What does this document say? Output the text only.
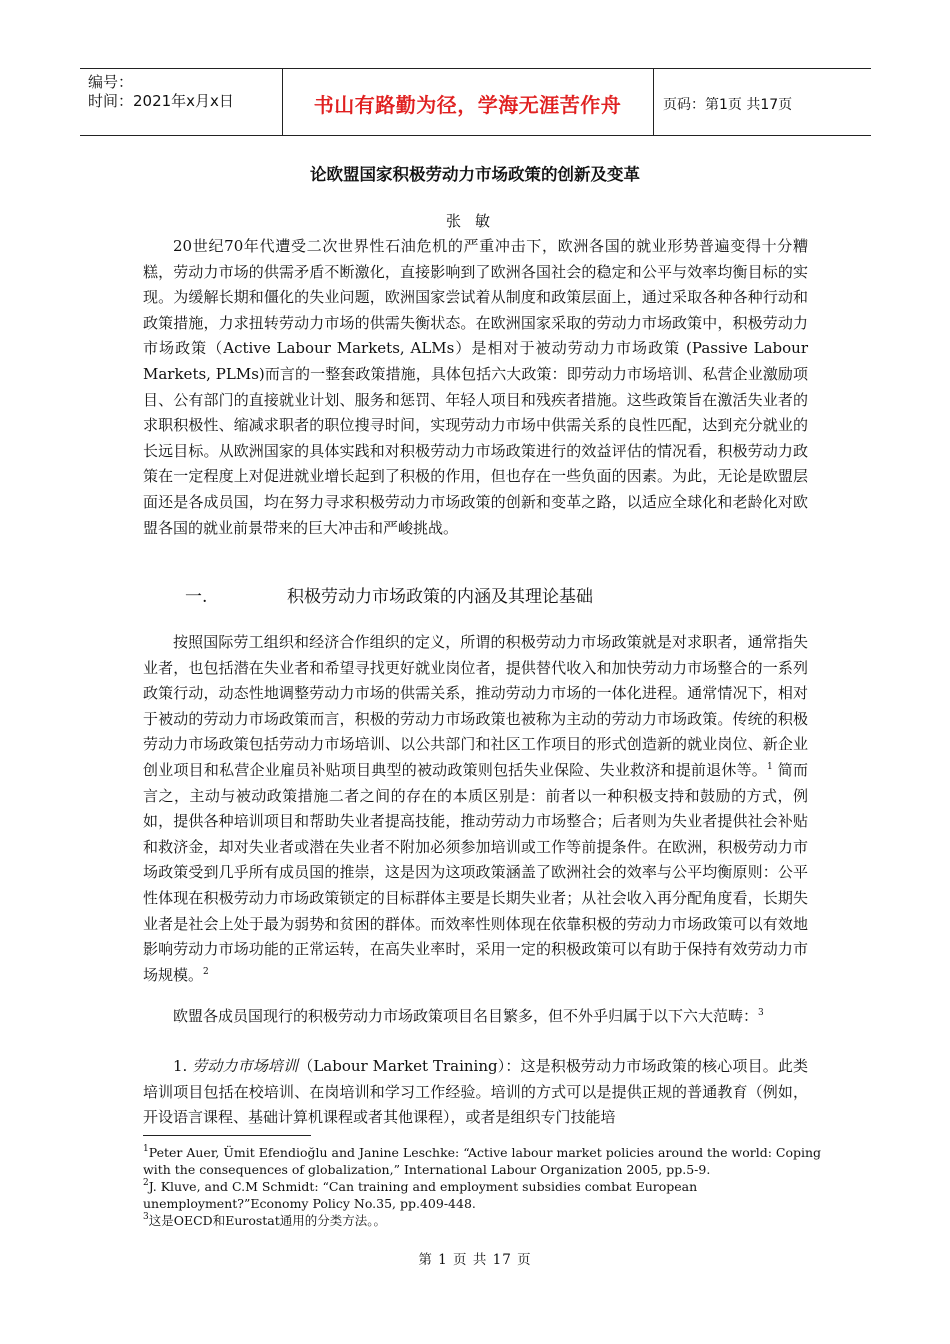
编号：
时间：2021年x月x日	书山有路勤为径，学海无涯苦作舟	页码：第1页 共17页
论欧盟国家积极劳动力市场政策的创新及变革
张敏

20世纪70年代遭受二次世界性石油危机的严重冲击下，欧洲各国的就业形势普遍变得十分糟糕，劳动力市场的供需矛盾不断激化，直接影响到了欧洲各国社会的稳定和公平与效率均衡目标的实现。为缓解长期和僵化的失业问题，欧洲国家尝试着从制度和政策层面上，通过采取各种各种行动和政策措施，力求扭转劳动力市场的供需失衡状态。在欧洲国家采取的劳动力市场政策中，积极劳动力市场政策（Active Labour Markets, ALMs）是相对于被动劳动力市场政策 (Passive Labour Markets, PLMs)而言的一整套政策措施，具体包括六大政策：即劳动力市场培训、私营企业激励项目、公有部门的直接就业计划、服务和惩罚、年轻人项目和残疾者措施。这些政策旨在激活失业者的求职积极性、缩减求职者的职位搜寻时间，实现劳动力市场中供需关系的良性匹配，达到充分就业的长远目标。从欧洲国家的具体实践和对积极劳动力市场政策进行的效益评估的情况看，积极劳动力政策在一定程度上对促进就业增长起到了积极的作用，但也存在一些负面的因素。为此，无论是欧盟层面还是各成员国，均在努力寻求积极劳动力市场政策的创新和变革之路，以适应全球化和老龄化对欧盟各国的就业前景带来的巨大冲击和严峻挑战。

一.	积极劳动力市场政策的内涵及其理论基础

按照国际劳工组织和经济合作组织的定义，所谓的积极劳动力市场政策就是对求职者，通常指失业者，也包括潜在失业者和希望寻找更好就业岗位者，提供替代收入和加快劳动力市场整合的一系列政策行动，动态性地调整劳动力市场的供需关系，推动劳动力市场的一体化进程。通常情况下，相对于被动的劳动力市场政策而言，积极的劳动力市场政策也被称为主动的劳动力市场政策。传统的积极劳动力市场政策包括劳动力市场培训、以公共部门和社区工作项目的形式创造新的就业岗位、新企业创业项目和私营企业雇员补贴项目典型的被动政策则包括失业保险、失业救济和提前退休等。$^1$ 简而言之，主动与被动政策措施二者之间的存在的本质区别是：前者以一种积极支持和鼓励的方式，例如，提供各种培训项目和帮助失业者提高技能，推动劳动力市场整合；后者则为失业者提供社会补贴和救济金，却对失业者或潜在失业者不附加必须参加培训或工作等前提条件。在欧洲，积极劳动力市场政策受到几乎所有成员国的推崇，这是因为这项政策涵盖了欧洲社会的效率与公平均衡原则：公平性体现在积极劳动力市场政策锁定的目标群体主要是长期失业者；从社会收入再分配角度看，长期失业者是社会上处于最为弱势和贫困的群体。而效率性则体现在依靠积极的劳动力市场政策可以有效地影响劳动力市场功能的正常运转，在高失业率时，采用一定的积极政策可以有助于保持有效劳动力市场规模。$^2$

欧盟各成员国现行的积极劳动力市场政策项目名目繁多，但不外乎归属于以下六大范畴：$^3$

1. 劳动力市场培训（Labour Market Training）：这是积极劳动力市场政策的核心项目。此类培训项目包括在校培训、在岗培训和学习工作经验。培训的方式可以是提供正规的普通教育（例如，开设语言课程、基础计算机课程或者其他课程），或者是组织专门技能培

$^1$Peter Auer, Ümit Efendioğlu and Janine Leschke: “Active labour market policies around the world: Coping with the consequences of globalization,” International Labour Organization 2005, pp.5-9.

$^2$J. Kluve, and C.M Schmidt: “Can training and employment subsidies combat European unemployment?”Economy Policy No.35, pp.409-448.

$^3$这是OECD和Eurostat通用的分类方法。。

第 1 页 共 17 页
